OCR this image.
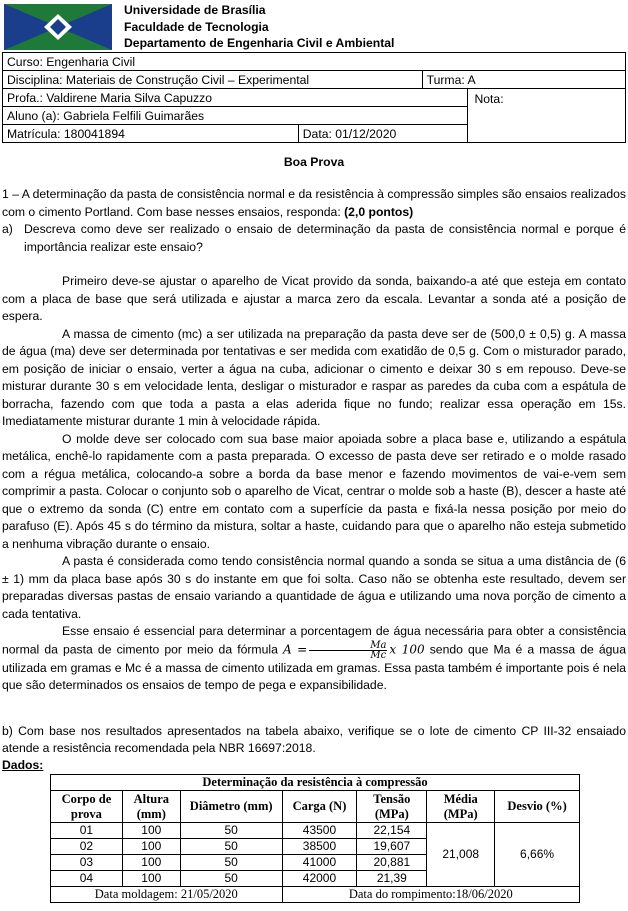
Universidade de Brasília
Faculdade de Tecnologia
Departamento de Engenharia Civil e Ambiental
Curso: Engenharia Civil			
Disciplina: Materiais de Construção Civil – Experimental		Turma: A	
Profa.: Valdirene Maria Silva Capuzzo			Nota:
Aluno (a): Gabriela Felfili Guimarães			
Matrícula: 180041894	Data: 01/12/2020		
Boa Prova

1 – A determinação da pasta de consistência normal e da resistência à compressão simples são ensaios realizados com o cimento Portland. Com base nesses ensaios, responda: (2,0 pontos)

a) Descreva como deve ser realizado o ensaio de determinação da pasta de consistência normal e porque é importância realizar este ensaio?

Primeiro deve-se ajustar o aparelho de Vicat provido da sonda, baixando-a até que esteja em contato com a placa de base que será utilizada e ajustar a marca zero da escala. Levantar a sonda até a posição de espera.

A massa de cimento (mc) a ser utilizada na preparação da pasta deve ser de (500,0 ± 0,5) g. A massa de água (ma) deve ser determinada por tentativas e ser medida com exatidão de 0,5 g. Com o misturador parado, em posição de iniciar o ensaio, verter a água na cuba, adicionar o cimento e deixar 30 s em repouso. Deve-se misturar durante 30 s em velocidade lenta, desligar o misturador e raspar as paredes da cuba com a espátula de borracha, fazendo com que toda a pasta a elas aderida fique no fundo; realizar essa operação em 15s. Imediatamente misturar durante 1 min à velocidade rápida.

O molde deve ser colocado com sua base maior apoiada sobre a placa base e, utilizando a espátula metálica, enchê-lo rapidamente com a pasta preparada. O excesso de pasta deve ser retirado e o molde rasado com a régua metálica, colocando-a sobre a borda da base menor e fazendo movimentos de vai-e-vem sem comprimir a pasta. Colocar o conjunto sob o aparelho de Vicat, centrar o molde sob a haste (B), descer a haste até que o extremo da sonda (C) entre em contato com a superfície da pasta e fixá-la nessa posição por meio do parafuso (E). Após 45 s do término da mistura, soltar a haste, cuidando para que o aparelho não esteja submetido a nenhuma vibração durante o ensaio.

A pasta é considerada como tendo consistência normal quando a sonda se situa a uma distância de (6 ± 1) mm da placa base após 30 s do instante em que foi solta. Caso não se obtenha este resultado, devem ser preparadas diversas pastas de ensaio variando a quantidade de água e utilizando uma nova porção de cimento a cada tentativa.

Esse ensaio é essencial para determinar a porcentagem de água necessária para obter a consistência normal da pasta de cimento por meio da fórmula $A = \frac{Ma}{Mc}$ x 100 sendo que Ma é a massa de água utilizada em gramas e Mc é a massa de cimento utilizada em gramas. Essa pasta também é importante pois é nela que são determinados os ensaios de tempo de pega e expansibilidade.

b) Com base nos resultados apresentados na tabela abaixo, verifique se o lote de cimento CP III-32 ensaiado atende a resistência recomendada pela NBR 16697:2018.
Dados:
Determinação da resistência à compressão						
Corpo de prova	Altura (mm)	Diâmetro (mm)	Carga (N)	Tensão (MPa)	Média (MPa)	Desvio (%)
01	100	50	43500	22,154	21,008	6,66%
02	100	50	38500	19,607		
03	100	50	41000	20,881		
04	100	50	42000	21,39		
Data moldagem: 21/05/2020			Data do rompimento:18/06/2020			
